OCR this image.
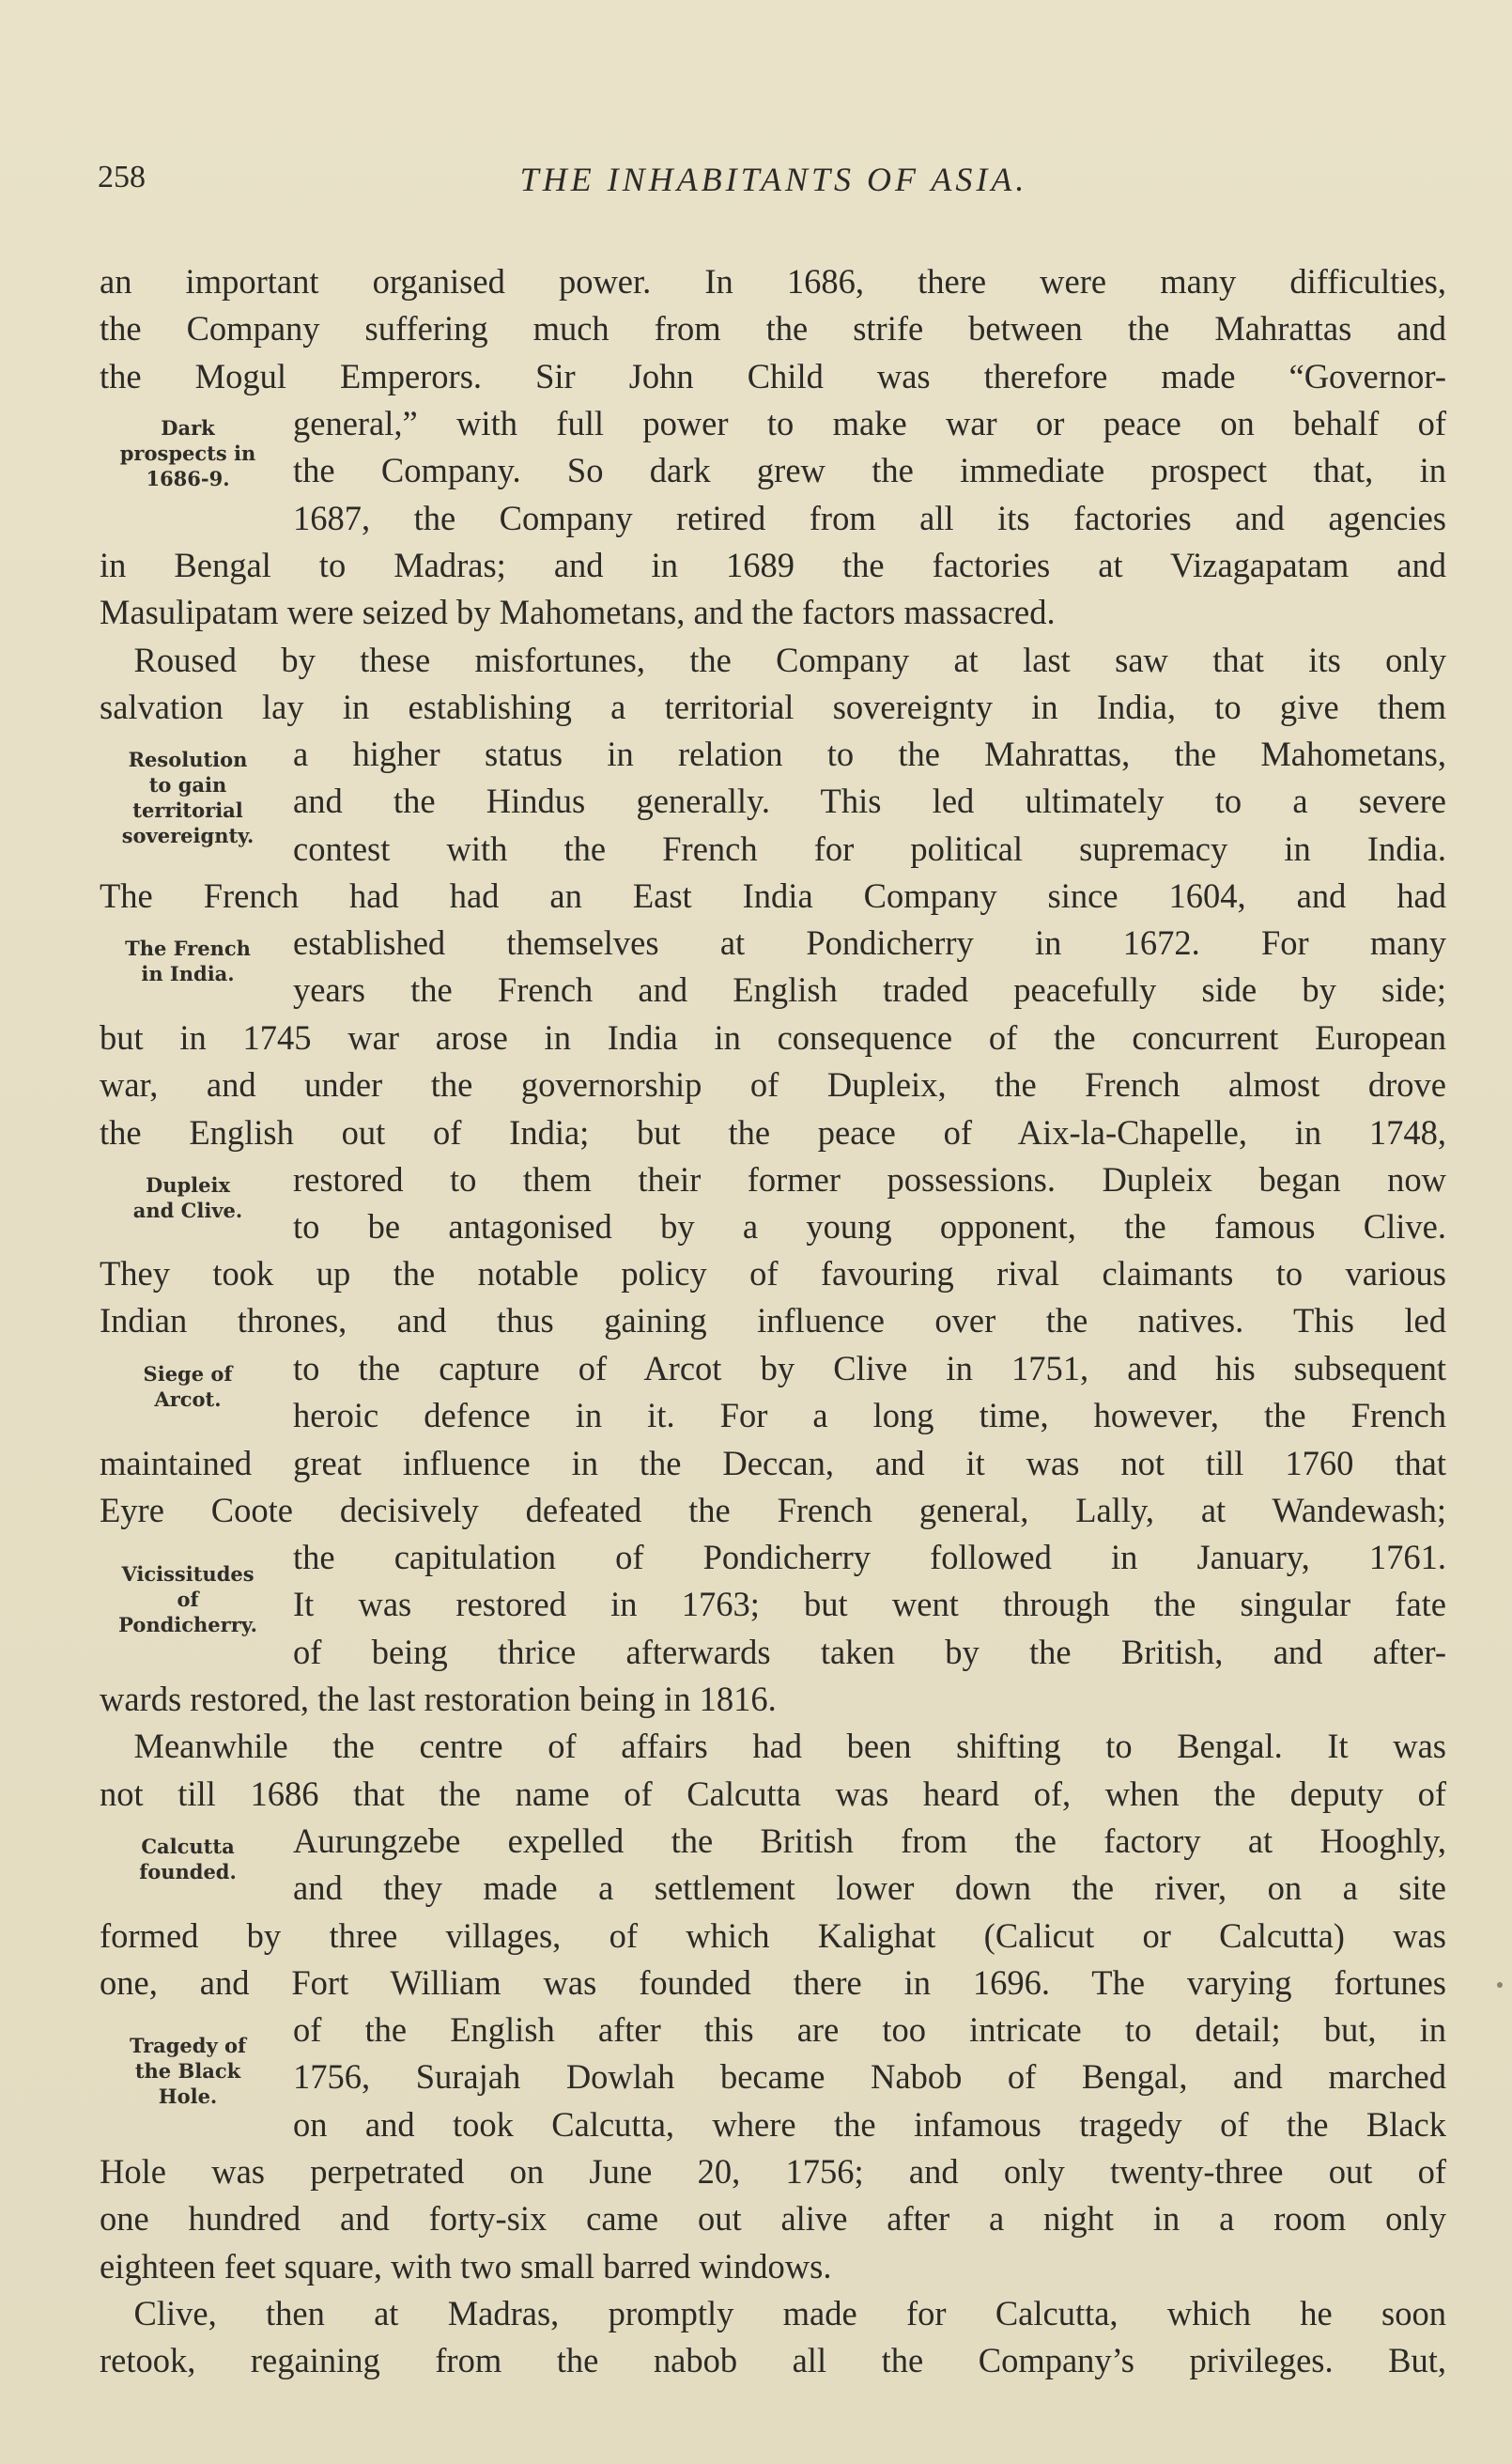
258	THE INHABITANTS OF ASIA.
an important organised power. In 1686, there were many difficulties,
the Company suffering much from the strife between the Mahrattas and
the Mogul Emperors. Sir John Child was therefore made “Governor-
general,” with full power to make war or peace on behalf of
the Company. So dark grew the immediate prospect that, in
1687, the Company retired from all its factories and agencies
in Bengal to Madras; and in 1689 the factories at Vizagapatam and
Masulipatam were seized by Mahometans, and the factors massacred.
 Roused by these misfortunes, the Company at last saw that its only
salvation lay in establishing a territorial sovereignty in India, to give them
a higher status in relation to the Mahrattas, the Mahometans,
and the Hindus generally. This led ultimately to a severe
contest with the French for political supremacy in India.
The French had had an East India Company since 1604, and had
established themselves at Pondicherry in 1672. For many
years the French and English traded peacefully side by side;
but in 1745 war arose in India in consequence of the concurrent European
war, and under the governorship of Dupleix, the French almost drove
the English out of India; but the peace of Aix-la-Chapelle, in 1748,
restored to them their former possessions. Dupleix began now
to be antagonised by a young opponent, the famous Clive.
They took up the notable policy of favouring rival claimants to various
Indian thrones, and thus gaining influence over the natives. This led
to the capture of Arcot by Clive in 1751, and his subsequent
heroic defence in it. For a long time, however, the French
maintained great influence in the Deccan, and it was not till 1760 that
Eyre Coote decisively defeated the French general, Lally, at Wandewash;
the capitulation of Pondicherry followed in January, 1761.
It was restored in 1763; but went through the singular fate
of being thrice afterwards taken by the British, and after-
wards restored, the last restoration being in 1816.
 Meanwhile the centre of affairs had been shifting to Bengal. It was
not till 1686 that the name of Calcutta was heard of, when the deputy of
Aurungzebe expelled the British from the factory at Hooghly,
and they made a settlement lower down the river, on a site
formed by three villages, of which Kalighat (Calicut or Calcutta) was
one, and Fort William was founded there in 1696. The varying fortunes
of the English after this are too intricate to detail; but, in
1756, Surajah Dowlah became Nabob of Bengal, and marched
on and took Calcutta, where the infamous tragedy of the Black
Hole was perpetrated on June 20, 1756; and only twenty-three out of
one hundred and forty-six came out alive after a night in a room only
eighteen feet square, with two small barred windows.
 Clive, then at Madras, promptly made for Calcutta, which he soon
retook, regaining from the nabob all the Company’s privileges. But,
Dark
prospects in
1686-9.
Resolution
to gain
territorial
sovereignty.
The French
in India.
Dupleix
and Clive.
Siege of
Arcot.
Vicissitudes
of
Pondicherry.
Calcutta
founded.
Tragedy of
the Black
Hole.
